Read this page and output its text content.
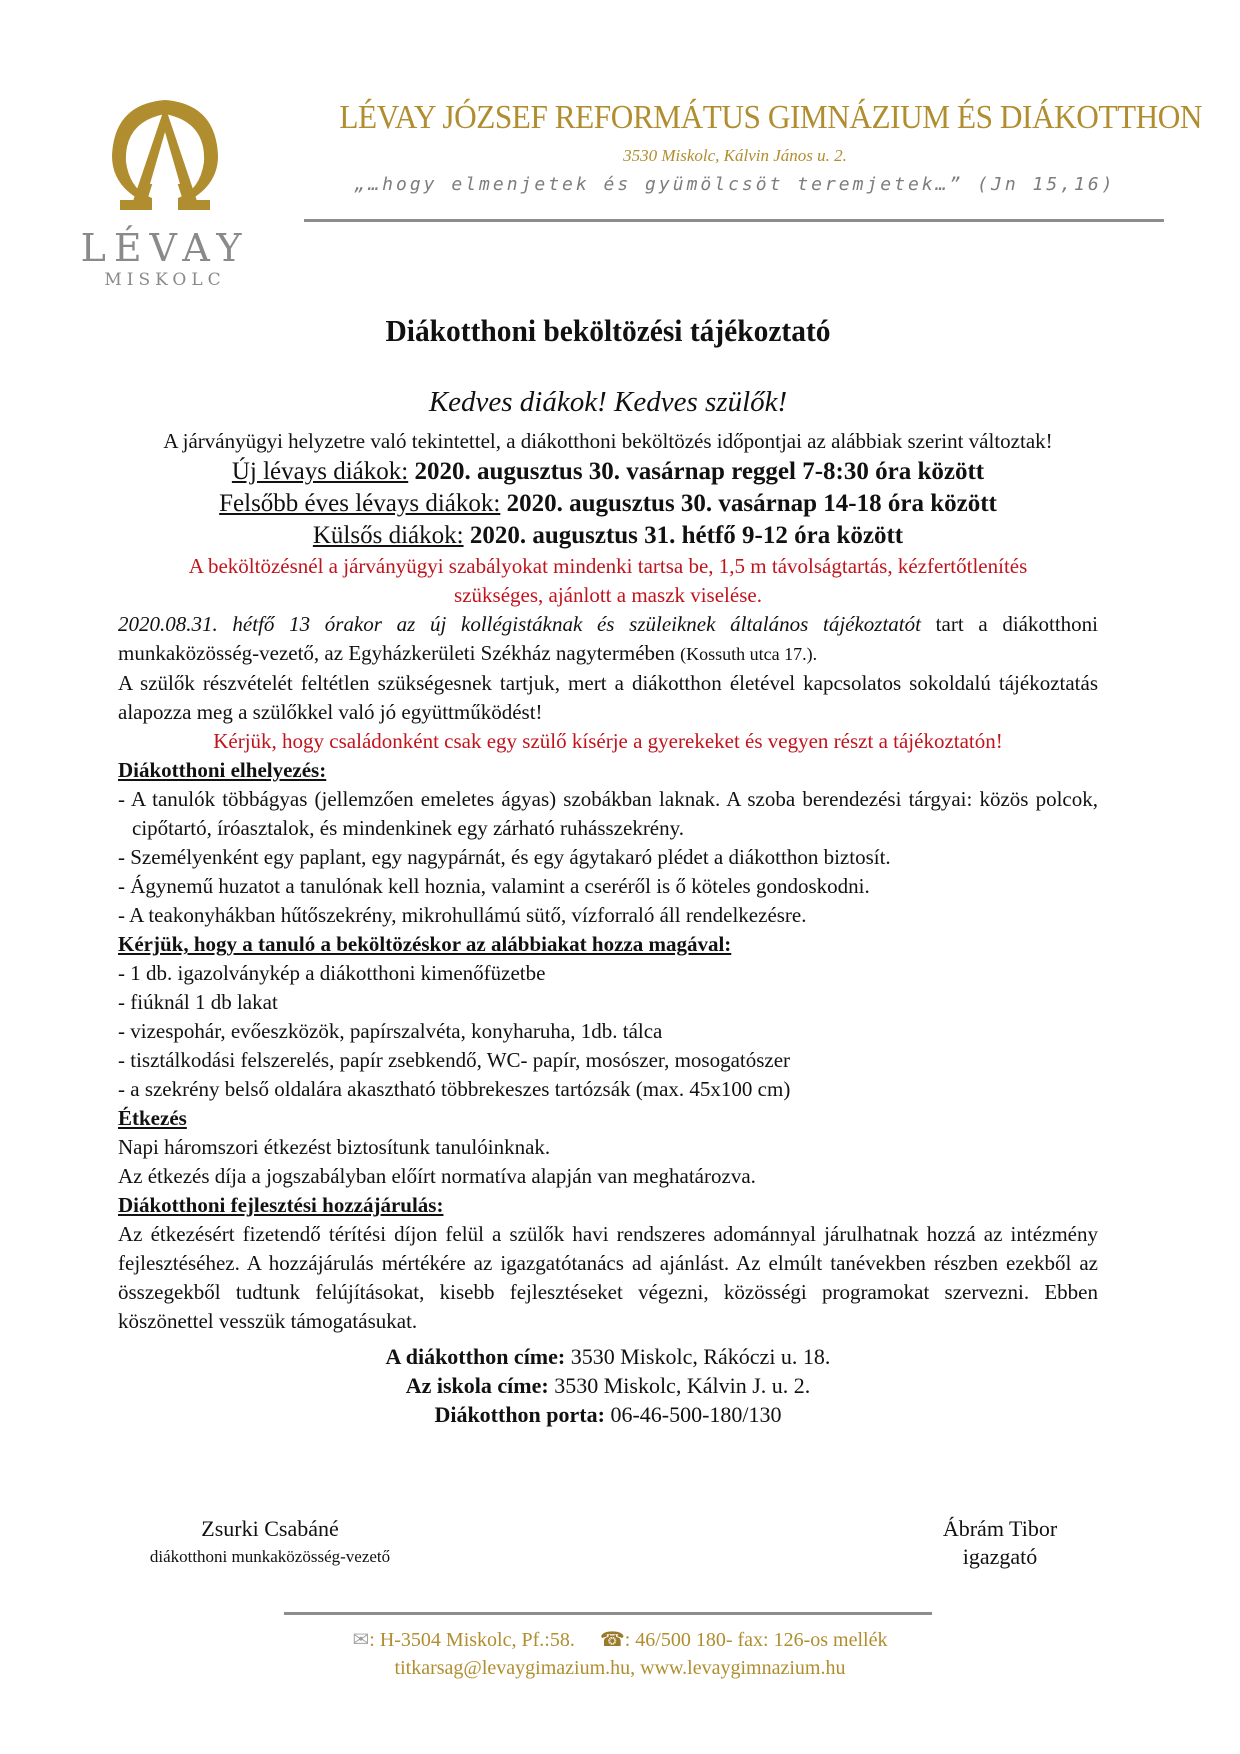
LÉVAY
MISKOLC
LÉVAY JÓZSEF REFORMÁTUS GIMNÁZIUM ÉS DIÁKOTTHON
3530 Miskolc, Kálvin János u. 2.
„…hogy elmenjetek és gyümölcsöt teremjetek…” (Jn 15,16)
Diákotthoni beköltözési tájékoztató
Kedves diákok! Kedves szülők!
A járványügyi helyzetre való tekintettel, a diákotthoni beköltözés időpontjai az alábbiak szerint változtak!
Új lévays diákok: 2020. augusztus 30. vasárnap reggel 7-8:30 óra között
Felsőbb éves lévays diákok: 2020. augusztus 30. vasárnap 14-18 óra között
Külsős diákok: 2020. augusztus 31. hétfő 9-12 óra között
A beköltözésnél a járványügyi szabályokat mindenki tartsa be, 1,5 m távolságtartás, kézfertőtlenítés szükséges, ajánlott a maszk viselése.
2020.08.31. hétfő 13 órakor az új kollégistáknak és szüleiknek általános tájékoztatót tart a diákotthoni munkaközösség-vezető, az Egyházkerületi Székház nagytermében (Kossuth utca 17.).
A szülők részvételét feltétlen szükségesnek tartjuk, mert a diákotthon életével kapcsolatos sokoldalú tájékoztatás alapozza meg a szülőkkel való jó együttműködést!
Kérjük, hogy családonként csak egy szülő kísérje a gyerekeket és vegyen részt a tájékoztatón!
Diákotthoni elhelyezés:
- A tanulók többágyas (jellemzően emeletes ágyas) szobákban laknak. A szoba berendezési tárgyai: közös polcok, cipőtartó, íróasztalok, és mindenkinek egy zárható ruhásszekrény.
- Személyenként egy paplant, egy nagypárnát, és egy ágytakaró plédet a diákotthon biztosít.
- Ágynemű huzatot a tanulónak kell hoznia, valamint a cseréről is ő köteles gondoskodni.
- A teakonyhákban hűtőszekrény, mikrohullámú sütő, vízforraló áll rendelkezésre.
Kérjük, hogy a tanuló a beköltözéskor az alábbiakat hozza magával:
- 1 db. igazolványkép a diákotthoni kimenőfüzetbe
- fiúknál 1 db lakat
- vizespohár, evőeszközök, papírszalvéta, konyharuha, 1db. tálca
- tisztálkodási felszerelés, papír zsebkendő, WC- papír, mosószer, mosogatószer
- a szekrény belső oldalára akasztható többrekeszes tartózsák (max. 45x100 cm)
Étkezés
Napi háromszori étkezést biztosítunk tanulóinknak.
Az étkezés díja a jogszabályban előírt normatíva alapján van meghatározva.
Diákotthoni fejlesztési hozzájárulás:
Az étkezésért fizetendő térítési díjon felül a szülők havi rendszeres adománnyal járulhatnak hozzá az intézmény fejlesztéséhez. A hozzájárulás mértékére az igazgatótanács ad ajánlást. Az elmúlt tanévekben részben ezekből az összegekből tudtunk felújításokat, kisebb fejlesztéseket végezni, közösségi programokat szervezni. Ebben köszönettel vesszük támogatásukat.
A diákotthon címe: 3530 Miskolc, Rákóczi u. 18.
Az iskola címe: 3530 Miskolc, Kálvin J. u. 2.
Diákotthon porta: 06-46-500-180/130
Zsurki Csabáné
diákotthoni munkaközösség-vezető
Ábrám Tibor
igazgató
✉: H-3504 Miskolc, Pf.:58. ☎: 46/500 180- fax: 126-os mellék
titkarsag@levaygimazium.hu, www.levaygimnazium.hu
